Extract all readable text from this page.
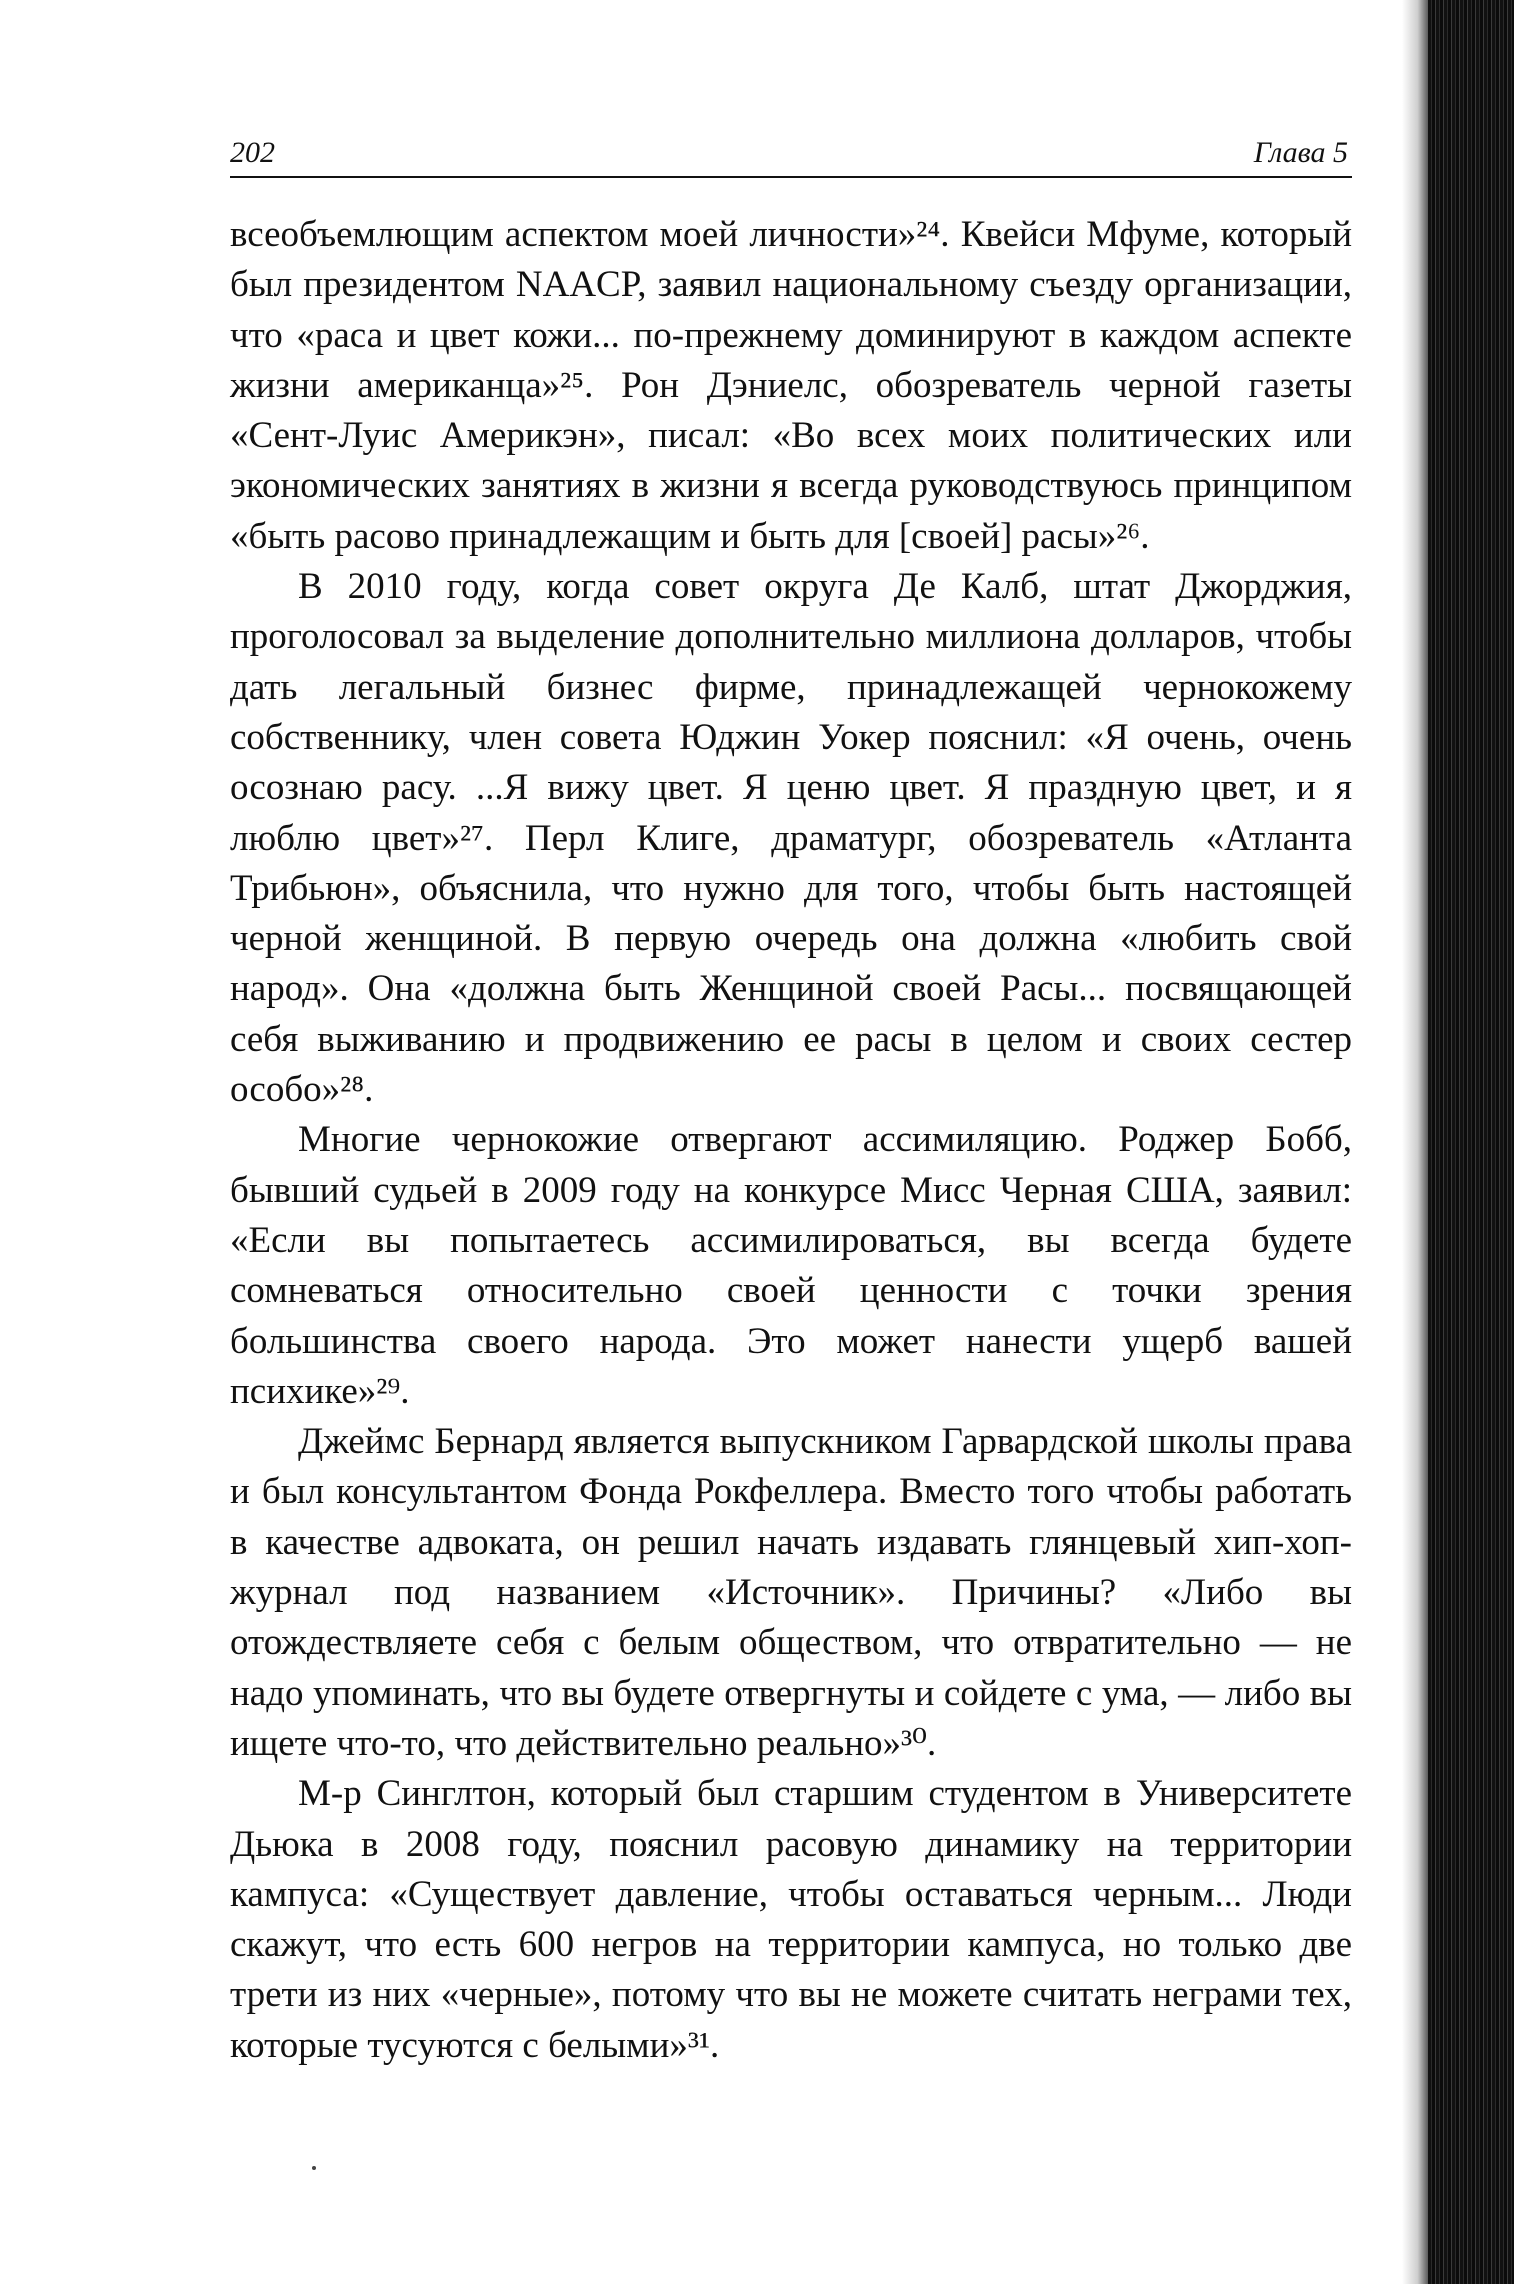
202	Глава 5

всеобъемлющим аспектом моей личности»²⁴. Квейси Мфуме, который был президентом NAACP, заявил национальному съезду организации, что «раса и цвет кожи... по-прежнему доминируют в каждом аспекте жизни американца»²⁵. Рон Дэниелс, обозреватель черной газеты «Сент-Луис Америкэн», писал: «Во всех моих политических или экономических занятиях в жизни я всегда руководствуюсь принципом «быть расово принадлежащим и быть для [своей] расы»²⁶.

В 2010 году, когда совет округа Де Калб, штат Джорджия, проголосовал за выделение дополнительно миллиона долларов, чтобы дать легальный бизнес фирме, принадлежащей чернокожему собственнику, член совета Юджин Уокер пояснил: «Я очень, очень осознаю расу. ...Я вижу цвет. Я ценю цвет. Я праздную цвет, и я люблю цвет»²⁷. Перл Клиге, драматург, обозреватель «Атланта Трибьюн», объяснила, что нужно для того, чтобы быть настоящей черной женщиной. В первую очередь она должна «любить свой народ». Она «должна быть Женщиной своей Расы... посвящающей себя выживанию и продвижению ее расы в целом и своих сестер особо»²⁸.

Многие чернокожие отвергают ассимиляцию. Роджер Бобб, бывший судьей в 2009 году на конкурсе Мисс Черная США, заявил: «Если вы попытаетесь ассимилироваться, вы всегда будете сомневаться относительно своей ценности с точки зрения большинства своего народа. Это может нанести ущерб вашей психике»²⁹.

Джеймс Бернард является выпускником Гарвардской школы права и был консультантом Фонда Рокфеллера. Вместо того чтобы работать в качестве адвоката, он решил начать издавать глянцевый хип-хоп-журнал под названием «Источник». Причины? «Либо вы отождествляете себя с белым обществом, что отвратительно — не надо упоминать, что вы будете отвергнуты и сойдете с ума, — либо вы ищете что-то, что действительно реально»³⁰.

М-р Синглтон, который был старшим студентом в Университете Дьюка в 2008 году, пояснил расовую динамику на территории кампуса: «Существует давление, чтобы оставаться черным... Люди скажут, что есть 600 негров на территории кампуса, но только две трети из них «черные», потому что вы не можете считать неграми тех, которые тусуются с белыми»³¹.
